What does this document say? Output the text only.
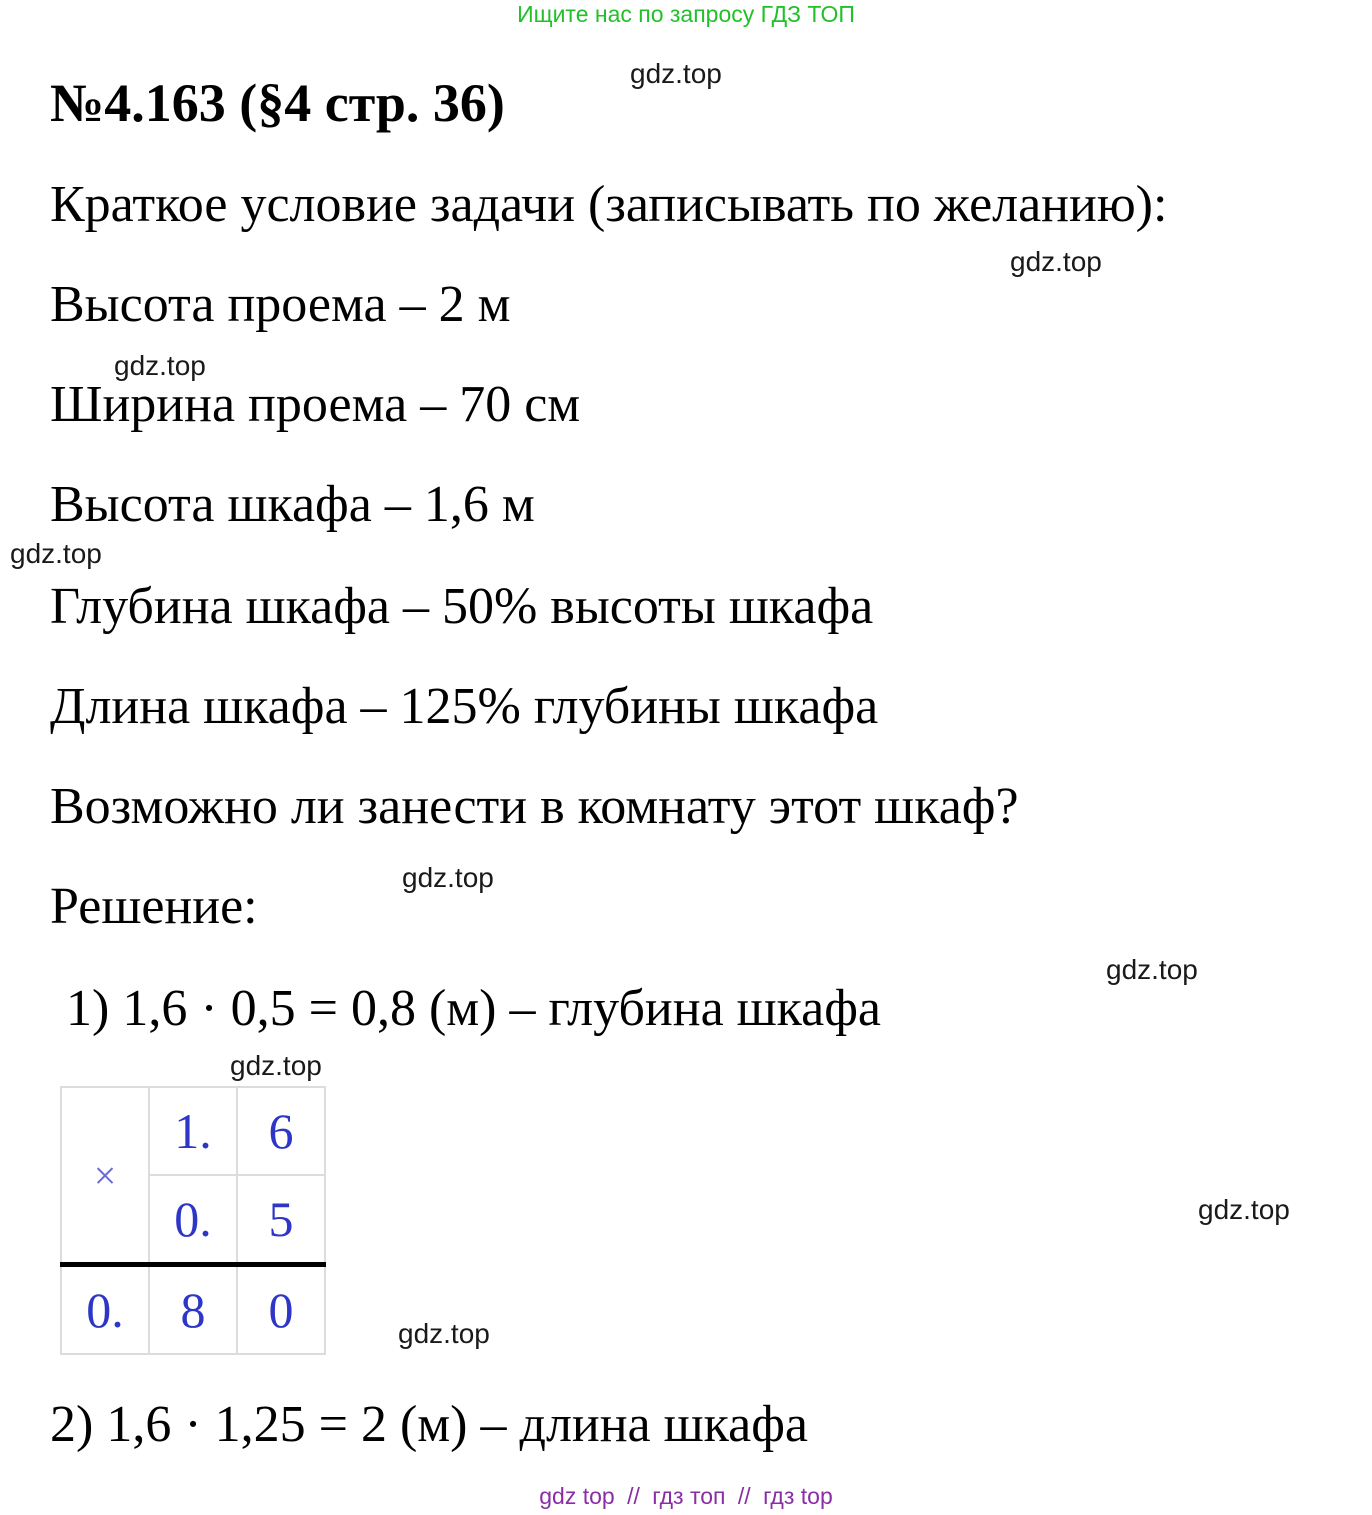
Ищите нас по запросу ГДЗ ТОП
№4.163 (§4 стр. 36)	gdz.top
Краткое условие задачи (записывать по желанию):
gdz.top
Высота проема – 2 м
gdz.top
Ширина проема – 70 см
Высота шкафа – 1,6 м
gdz.top
Глубина шкафа – 50% высоты шкафа
Длина шкафа – 125% глубины шкафа
Возможно ли занести в комнату этот шкаф?
gdz.top
Решение:
gdz.top
1) 1,6 · 0,5 = 0,8 (м) – глубина шкафа
gdz.top
×	1.	6
	0.	5
0.	8	0
gdz.top
gdz.top
2) 1,6 · 1,25 = 2 (м) – длина шкафа
gdz top // гдз топ // гдз top
